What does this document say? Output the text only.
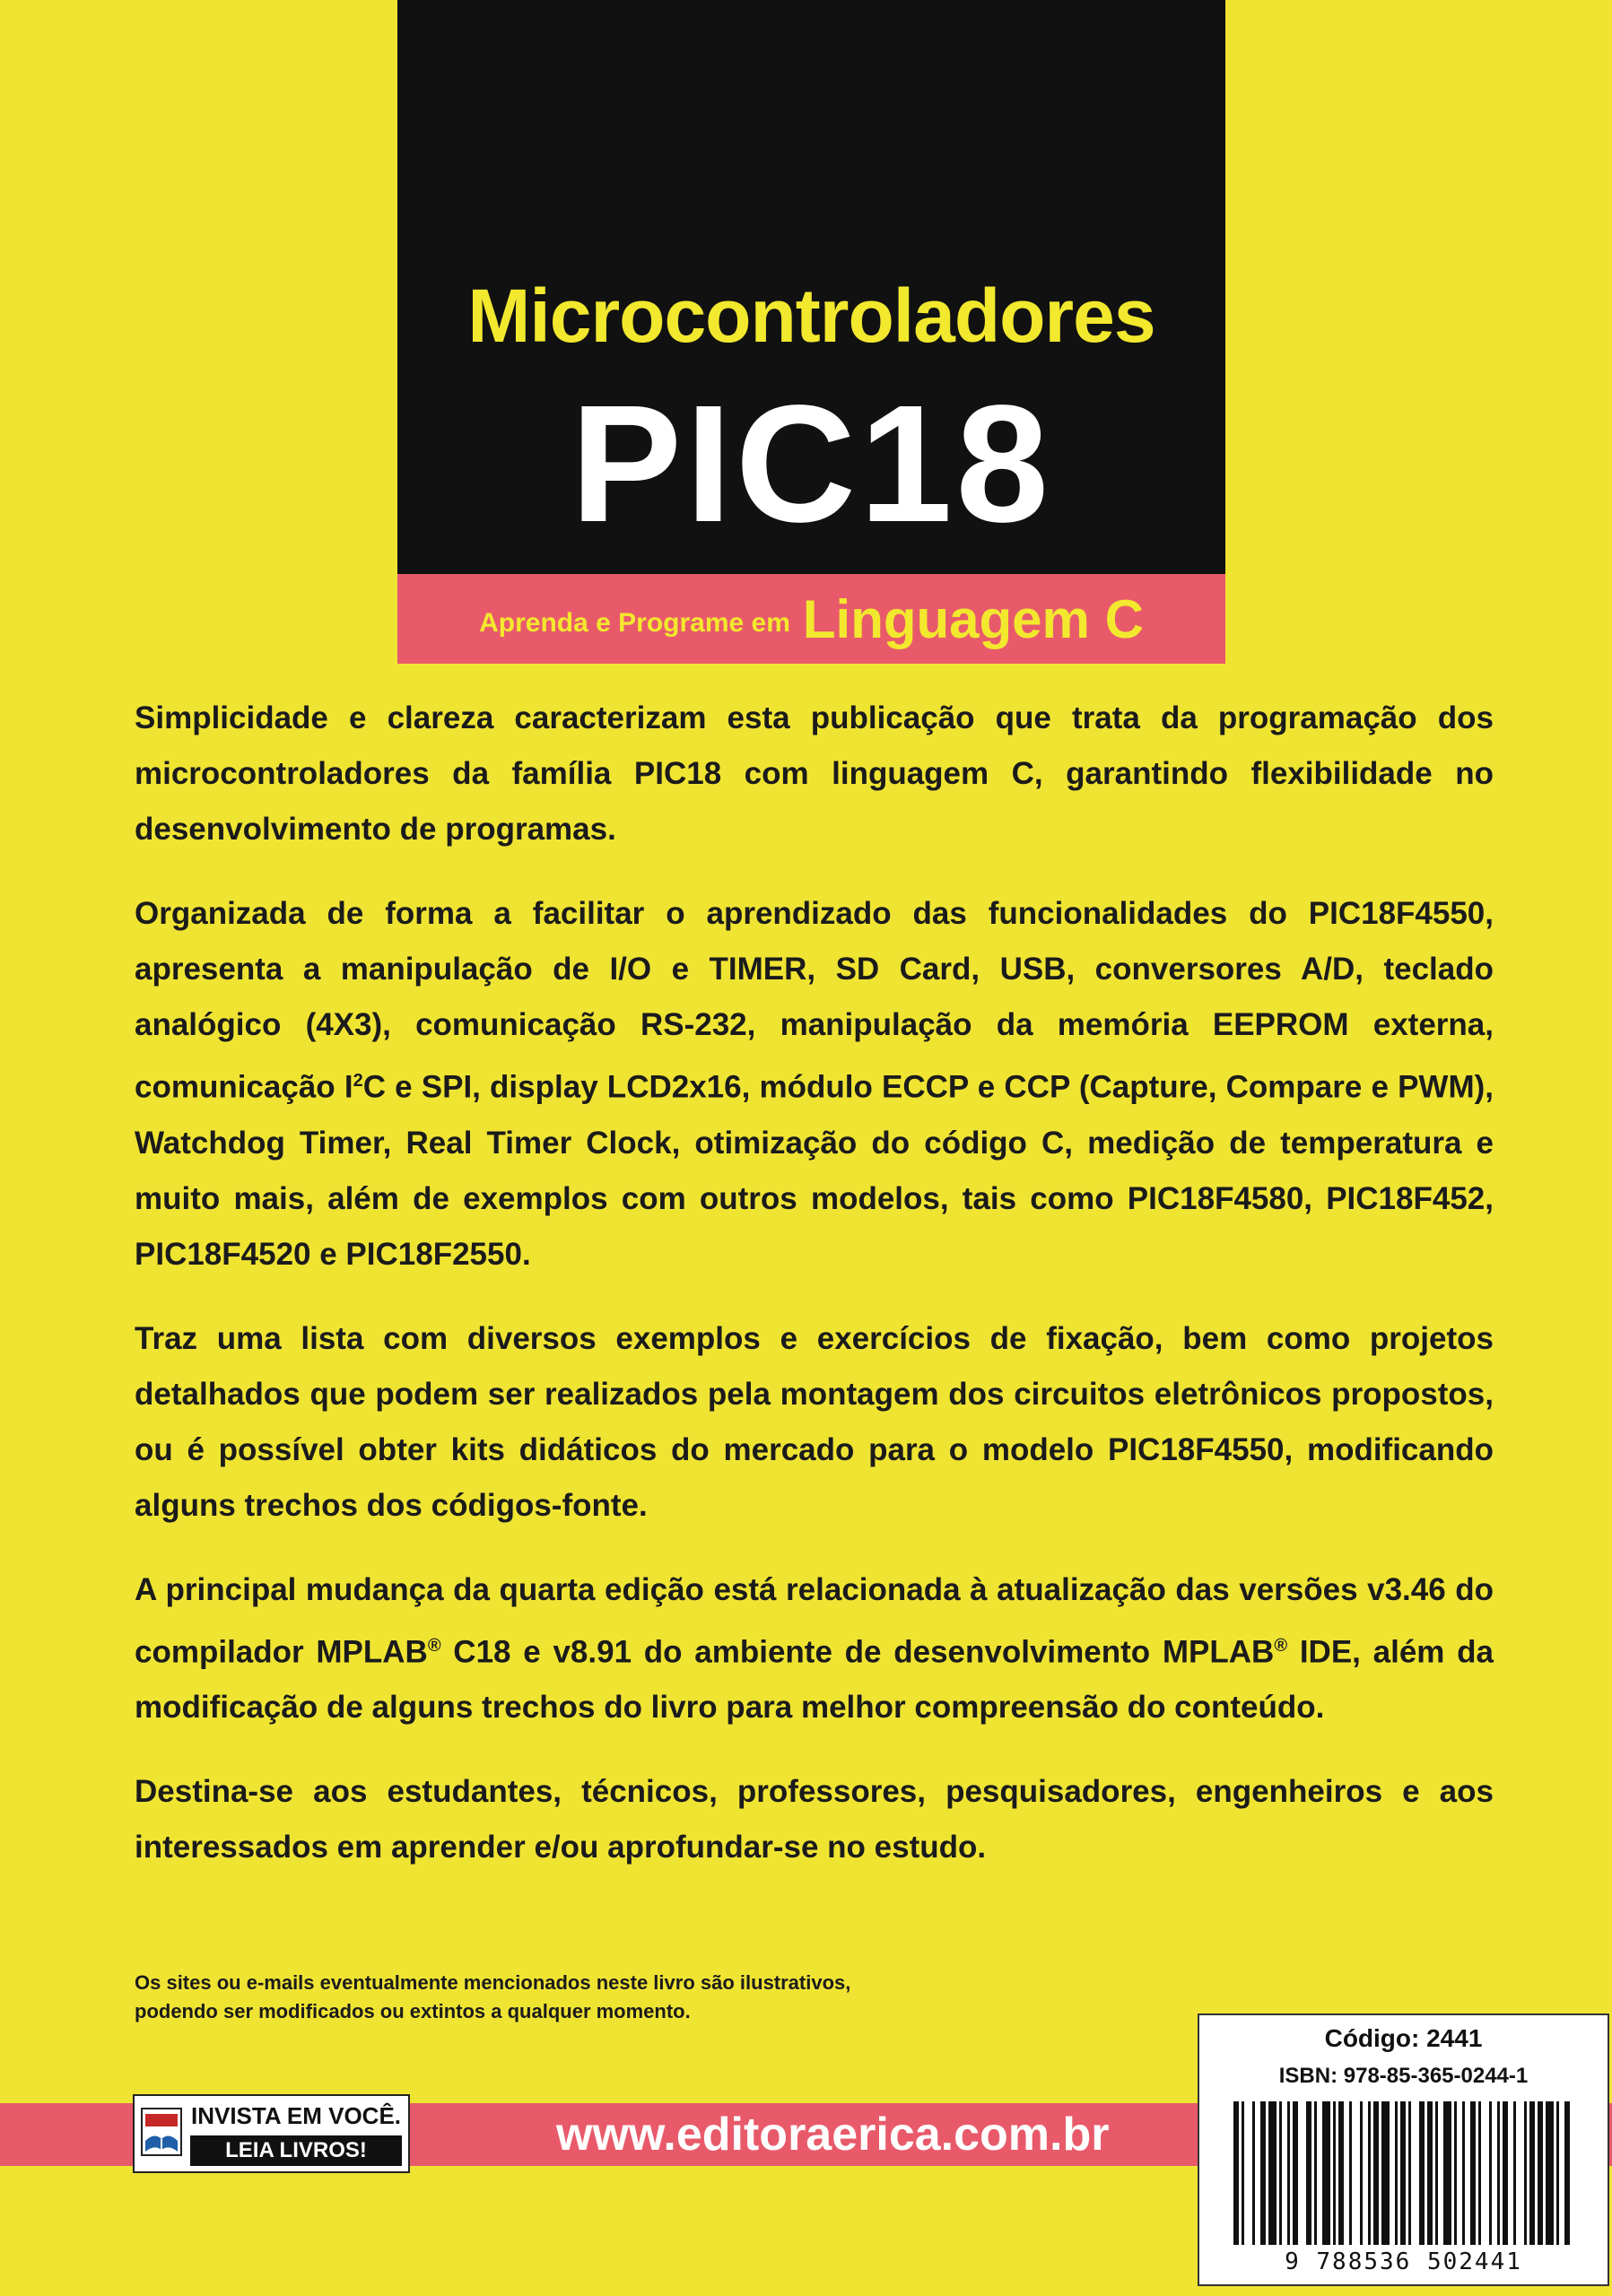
Microcontroladores
PIC18
Aprenda e Programe em Linguagem C

Simplicidade e clareza caracterizam esta publicação que trata da programação dos microcontroladores da família PIC18 com linguagem C, garantindo flexibilidade no desenvolvimento de programas.

Organizada de forma a facilitar o aprendizado das funcionalidades do PIC18F4550, apresenta a manipulação de I/O e TIMER, SD Card, USB, conversores A/D, teclado analógico (4X3), comunicação RS-232, manipulação da memória EEPROM externa, comunicação $I^2C$ e SPI, display LCD2x16, módulo ECCP e CCP (Capture, Compare e PWM), Watchdog Timer, Real Timer Clock, otimização do código C, medição de temperatura e muito mais, além de exemplos com outros modelos, tais como PIC18F4580, PIC18F452, PIC18F4520 e PIC18F2550.

Traz uma lista com diversos exemplos e exercícios de fixação, bem como projetos detalhados que podem ser realizados pela montagem dos circuitos eletrônicos propostos, ou é possível obter kits didáticos do mercado para o modelo PIC18F4550, modificando alguns trechos dos códigos-fonte.

A principal mudança da quarta edição está relacionada à atualização das versões v3.46 do compilador MPLAB® C18 e v8.91 do ambiente de desenvolvimento MPLAB® IDE, além da modificação de alguns trechos do livro para melhor compreensão do conteúdo.

Destina-se aos estudantes, técnicos, professores, pesquisadores, engenheiros e aos interessados em aprender e/ou aprofundar-se no estudo.

Os sites ou e-mails eventualmente mencionados neste livro são ilustrativos,
podendo ser modificados ou extintos a qualquer momento.
www.editoraerica.com.br
INVISTA EM VOCÊ.
LEIA LIVROS!
Código: 2441
ISBN: 978-85-365-0244-1
9 788536 502441
